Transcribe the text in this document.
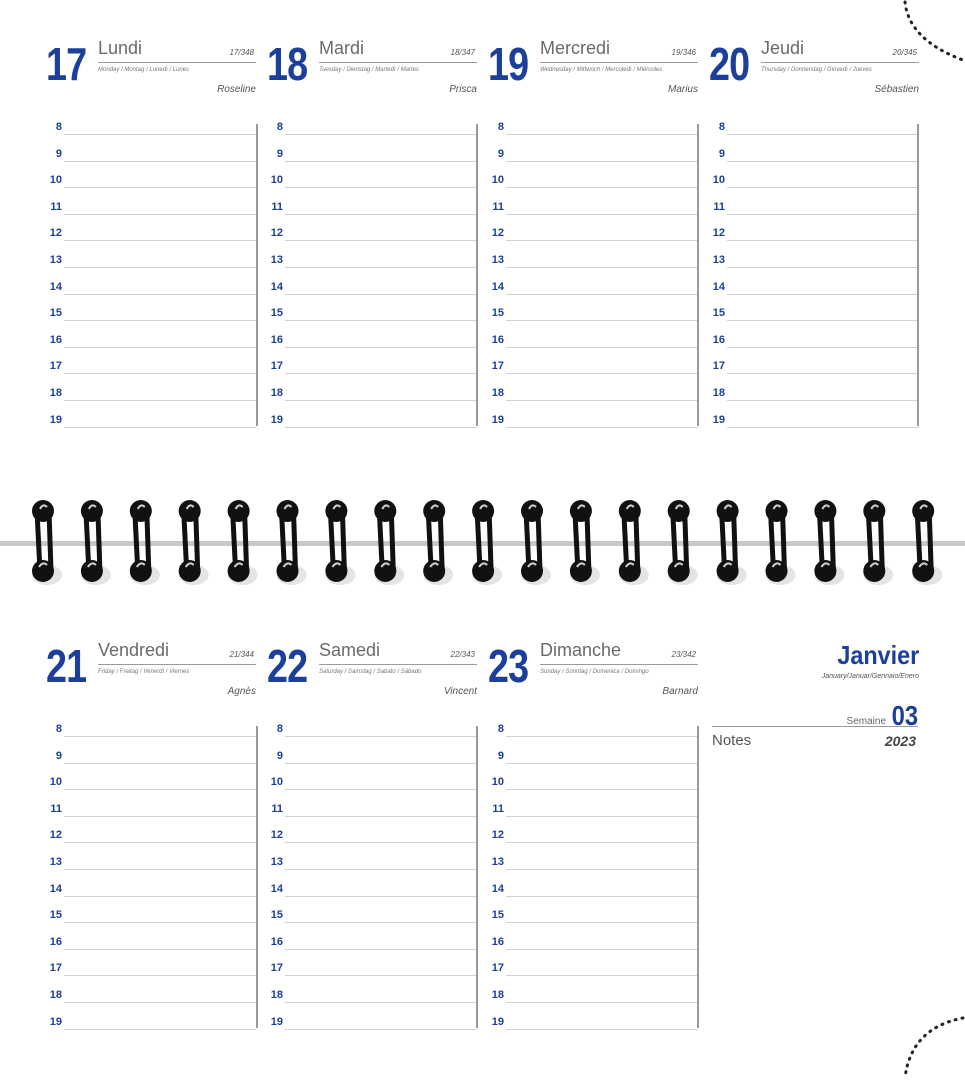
17 Lundi	17/348
Monday / Montag / Lunedì / Lunes
Roseline
8
9
10
11
12
13
14
15
16
17
18
19
18 Mardi	18/347
Tuesday / Dienstag / Martedì / Martes
Prisca
8
9
10
11
12
13
14
15
16
17
18
19
19 Mercredi	19/346
Wednesday / Mittwoch / Mercoledì / Miércoles
Marius
8
9
10
11
12
13
14
15
16
17
18
19
20 Jeudi	20/345
Thursday / Donnerstag / Giovedì / Jueves
Sébastien
8
9
10
11
12
13
14
15
16
17
18
19
21 Vendredi	21/344
Friday / Freitag / Venerdì / Viernes
Agnès
8
9
10
11
12
13
14
15
16
17
18
19
22 Samedi	22/343
Saturday / Samstag / Sabato / Sábado
Vincent
8
9
10
11
12
13
14
15
16
17
18
19
23 Dimanche	23/342
Sunday / Sonntag / Domenica / Domingo
Barnard
8
9
10
11
12
13
14
15
16
17
18
19
Janvier
January/Januar/Gennaio/Enero
Semaine 03
Notes	2023
